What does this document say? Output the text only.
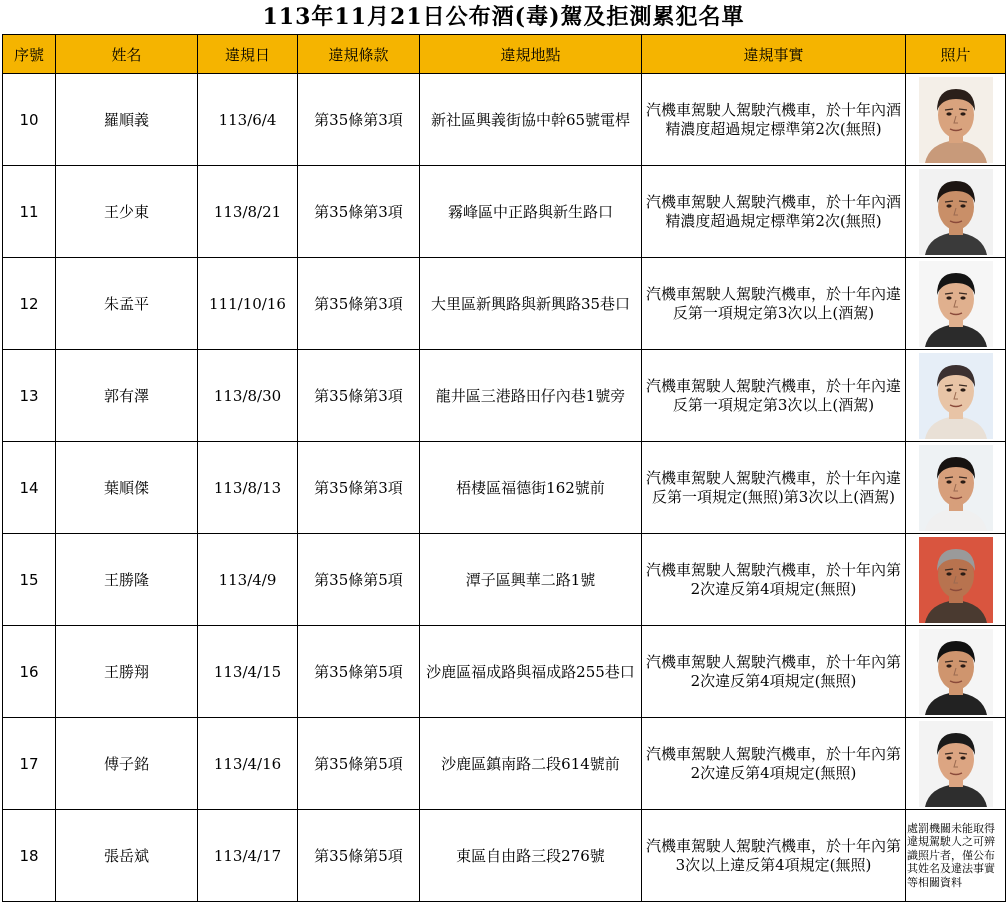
113年11月21日公布酒(毒)駕及拒測累犯名單
序號	姓名	違規日	違規條款	違規地點	違規事實	照片
10	羅順義	113/6/4	第35條第3項	新社區興義街協中幹65號電桿	汽機車駕駛人駕駛汽機車，於十年內酒精濃度超過規定標準第2次(無照)	

11	王少東	113/8/21	第35條第3項	霧峰區中正路與新生路口	汽機車駕駛人駕駛汽機車，於十年內酒精濃度超過規定標準第2次(無照)	

12	朱孟平	111/10/16	第35條第3項	大里區新興路與新興路35巷口	汽機車駕駛人駕駛汽機車，於十年內違反第一項規定第3次以上(酒駕)	

13	郭有澤	113/8/30	第35條第3項	龍井區三港路田仔內巷1號旁	汽機車駕駛人駕駛汽機車，於十年內違反第一項規定第3次以上(酒駕)	

14	葉順傑	113/8/13	第35條第3項	梧棲區福德街162號前	汽機車駕駛人駕駛汽機車，於十年內違反第一項規定(無照)第3次以上(酒駕)	

15	王勝隆	113/4/9	第35條第5項	潭子區興華二路1號	汽機車駕駛人駕駛汽機車，於十年內第2次違反第4項規定(無照)	

16	王勝翔	113/4/15	第35條第5項	沙鹿區福成路與福成路255巷口	汽機車駕駛人駕駛汽機車，於十年內第2次違反第4項規定(無照)	

17	傅子銘	113/4/16	第35條第5項	沙鹿區鎮南路二段614號前	汽機車駕駛人駕駛汽機車，於十年內第2次違反第4項規定(無照)	

18	張岳斌	113/4/17	第35條第5項	東區自由路三段276號	汽機車駕駛人駕駛汽機車，於十年內第3次以上違反第4項規定(無照)	處罰機關未能取得違規駕駛人之可辨識照片者，僅公布 其姓名及違法事實等相關資料
